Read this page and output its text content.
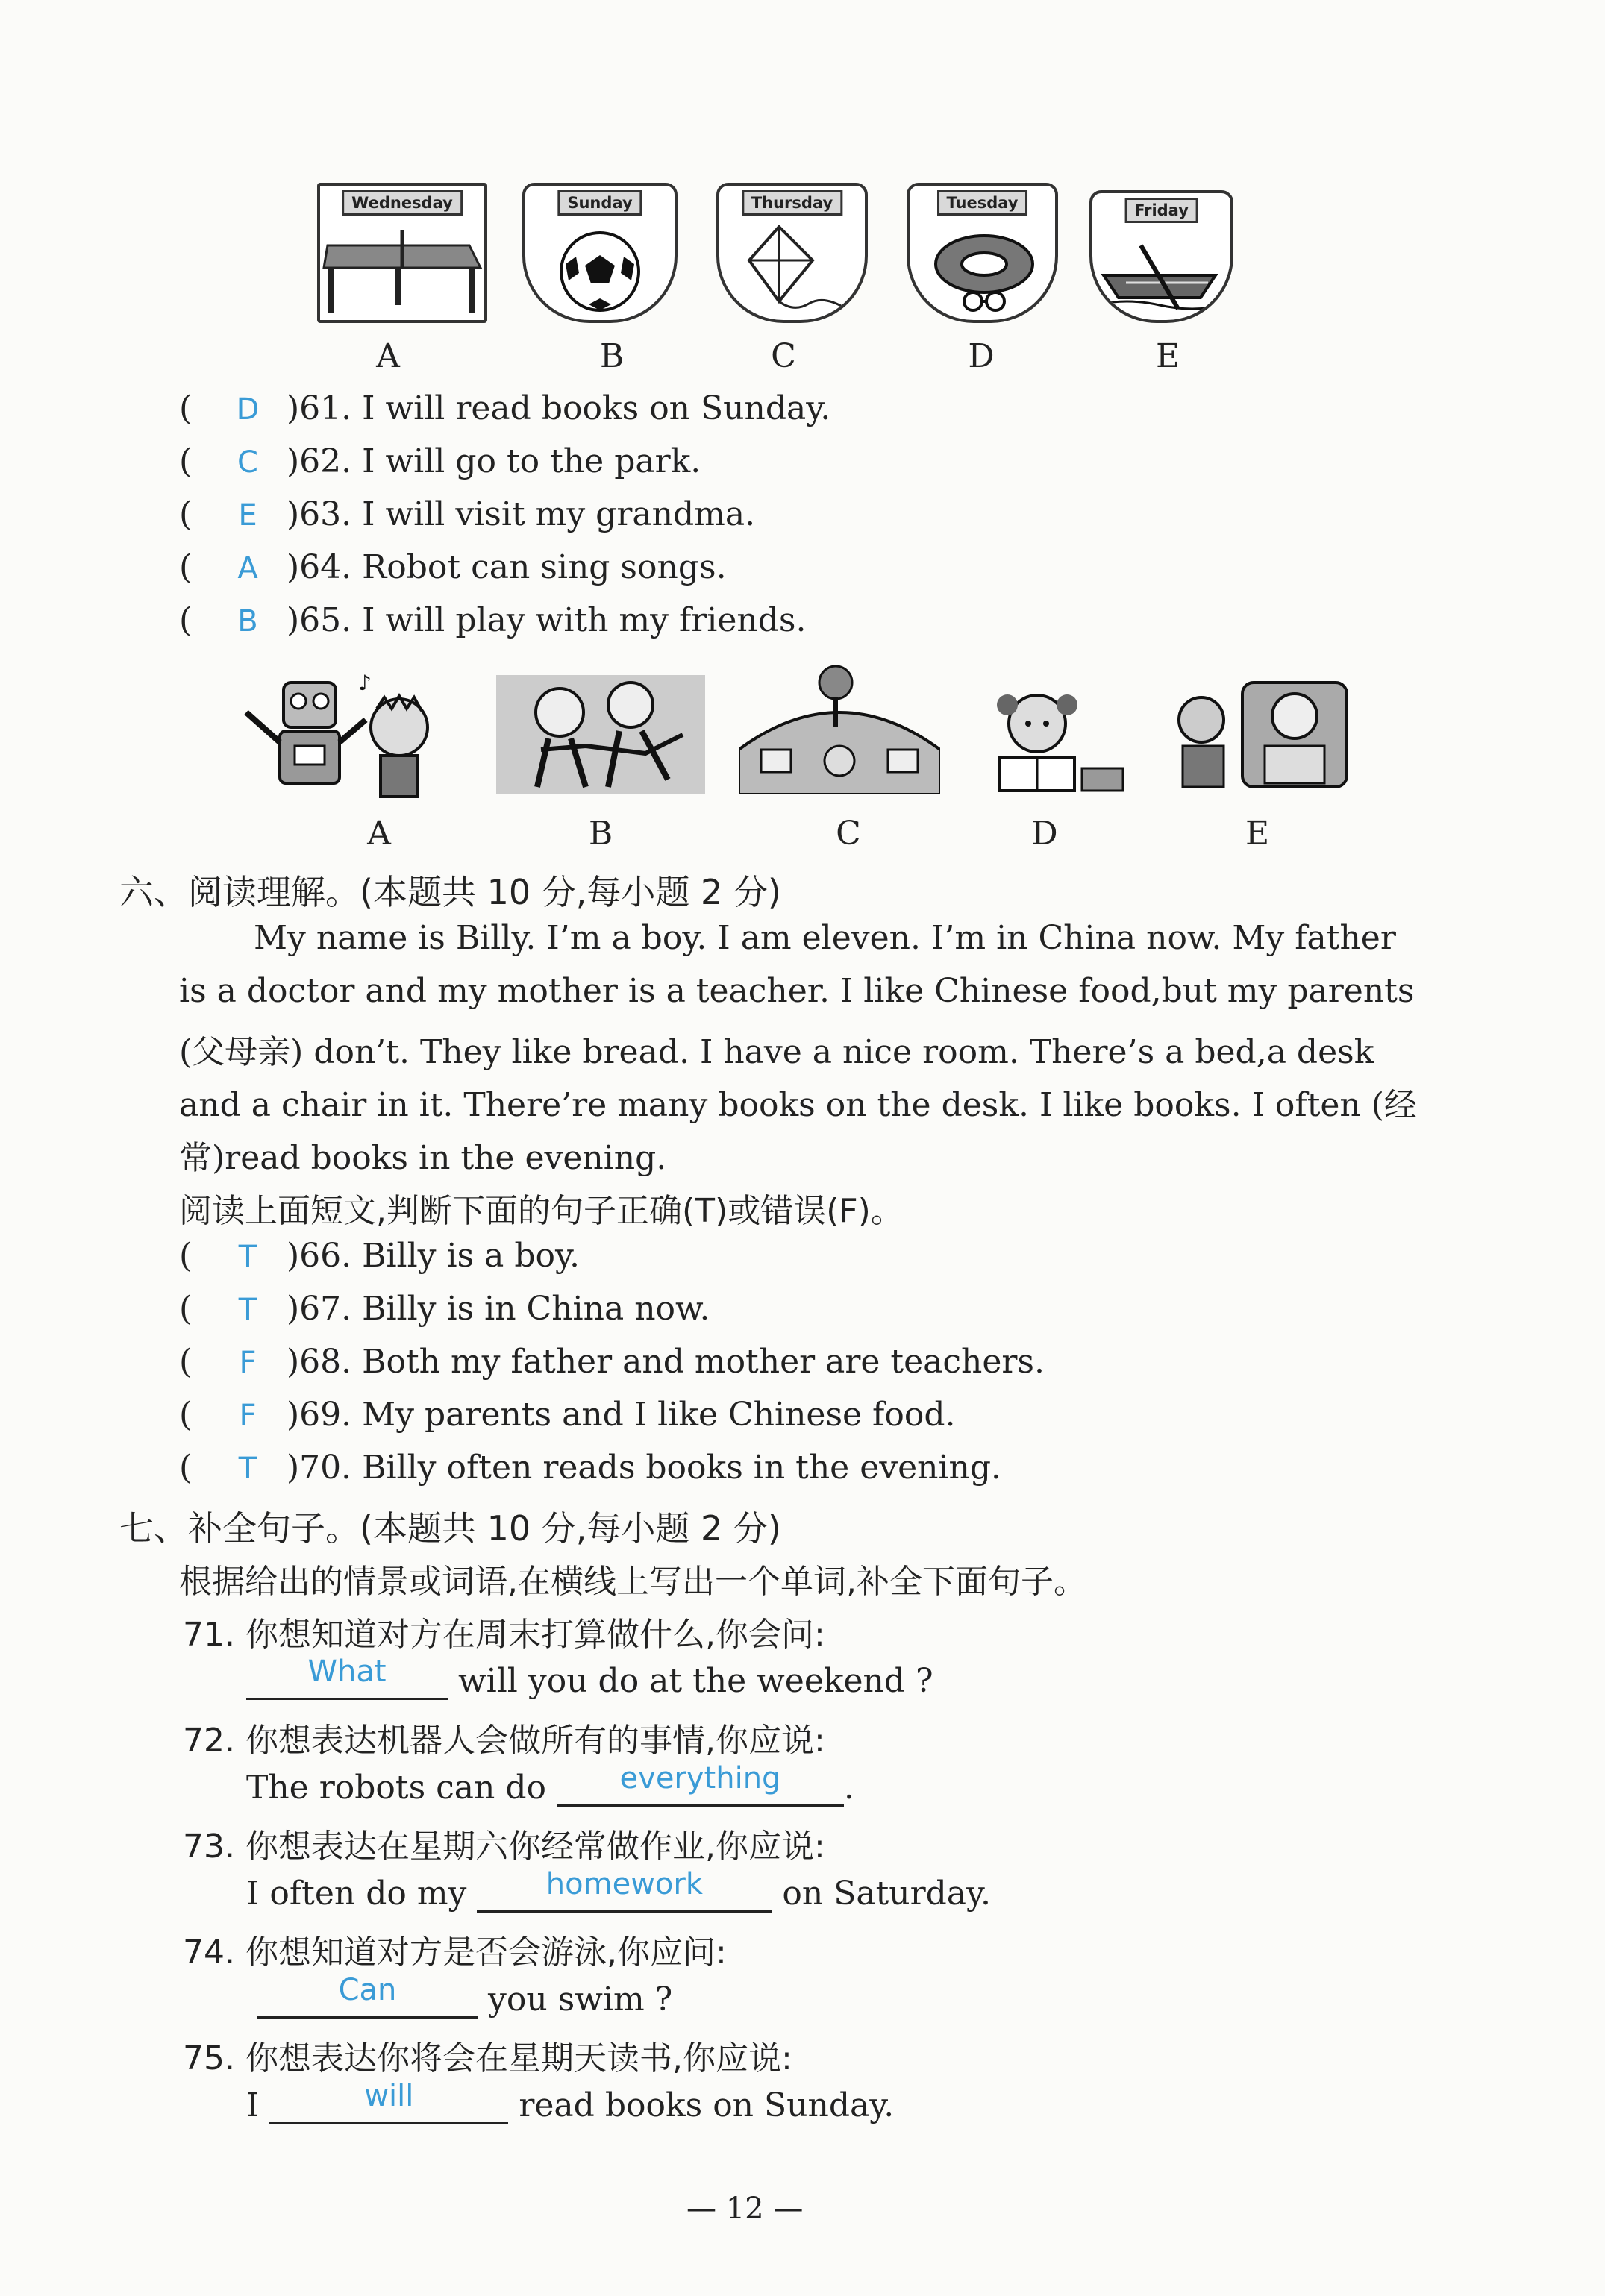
Wednesday	Sunday	Thursday	Tuesday	Friday
A	B	C	D	E
( D )61. I will read books on Sunday.
( C )62. I will go to the park.
( E )63. I will visit my grandma.
( A )64. Robot can sing songs.
( B )65. I will play with my friends.
♪
A	B	C	D	E
六、阅读理解。(本题共 10 分,每小题 2 分)
My name is Billy. I’m a boy. I am eleven. I’m in China now. My father
is a doctor and my mother is a teacher. I like Chinese food,but my parents
(父母亲) don’t. They like bread. I have a nice room. There’s a bed,a desk
and a chair in it. There’re many books on the desk. I like books. I often (经
常)read books in the evening.
阅读上面短文,判断下面的句子正确(T)或错误(F)。
( T )66. Billy is a boy.
( T )67. Billy is in China now.
( F )68. Both my father and mother are teachers.
( F )69. My parents and I like Chinese food.
( T )70. Billy often reads books in the evening.
七、补全句子。(本题共 10 分,每小题 2 分)
根据给出的情景或词语,在横线上写出一个单词,补全下面句子。
71. 你想知道对方在周末打算做什么,你会问:
What will you do at the weekend ?
72. 你想表达机器人会做所有的事情,你应说:
The robots can do everything .
73. 你想表达在星期六你经常做作业,你应说:
I often do my homework on Saturday.
74. 你想知道对方是否会游泳,你应问:
Can you swim ?
75. 你想表达你将会在星期天读书,你应说:
I	will	read books on Sunday.
— 12 —
